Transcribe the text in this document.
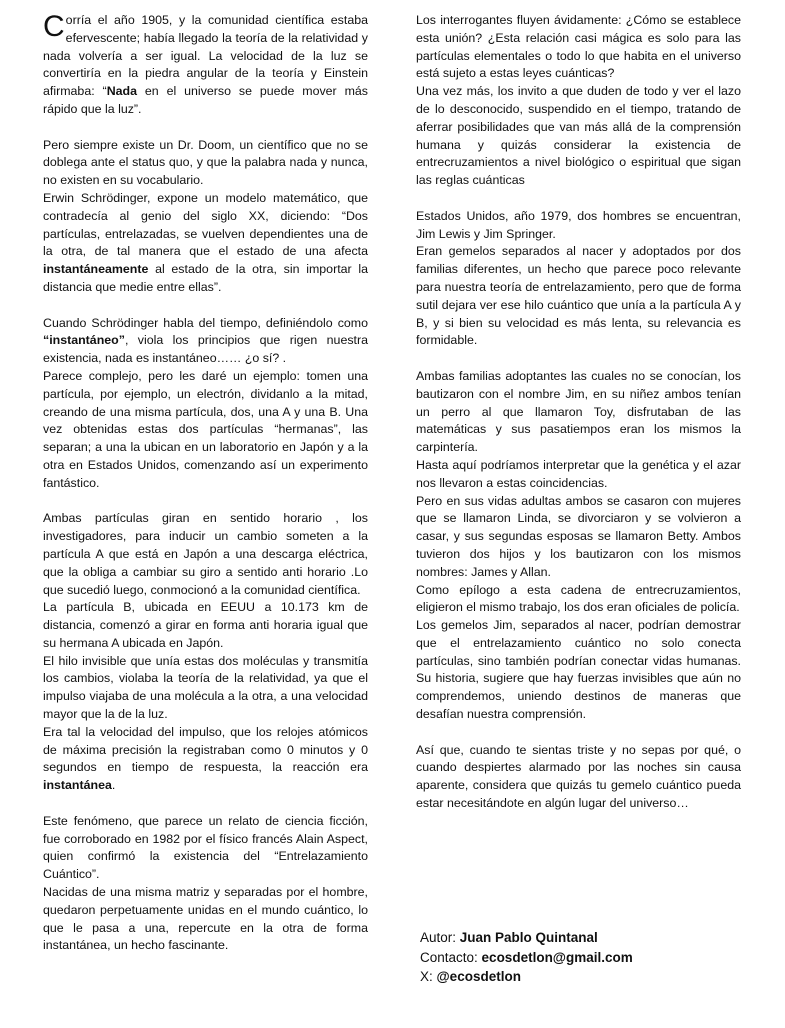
Corría el año 1905, y la comunidad científica estaba efervescente; había llegado la teoría de la relatividad y nada volvería a ser igual. La velocidad de la luz se convertiría en la piedra angular de la teoría y Einstein afirmaba: “Nada en el universo se puede mover más rápido que la luz”.

Pero siempre existe un Dr. Doom, un científico que no se doblega ante el status quo, y que la palabra nada y nunca, no existen en su vocabulario.

Erwin Schrödinger, expone un modelo matemático, que contradecía al genio del siglo XX, diciendo: “Dos partículas, entrelazadas, se vuelven dependientes una de la otra, de tal manera que el estado de una afecta instantáneamente al estado de la otra, sin importar la distancia que medie entre ellas”.

Cuando Schrödinger habla del tiempo, definiéndolo como “instantáneo”, viola los principios que rigen nuestra existencia, nada es instantáneo…… ¿o sí? .

Parece complejo, pero les daré un ejemplo: tomen una partícula, por ejemplo, un electrón, dividanlo a la mitad, creando de una misma partícula, dos, una A y una B. Una vez obtenidas estas dos partículas “hermanas”, las separan; a una la ubican en un laboratorio en Japón y a la otra en Estados Unidos, comenzando así un experimento fantástico.

Ambas partículas giran en sentido horario , los investigadores, para inducir un cambio someten a la partícula A que está en Japón a una descarga eléctrica, que la obliga a cambiar su giro a sentido anti horario .Lo que sucedió luego, conmocionó a la comunidad científica.

La partícula B, ubicada en EEUU a 10.173 km de distancia, comenzó a girar en forma anti horaria igual que su hermana A ubicada en Japón.

El hilo invisible que unía estas dos moléculas y transmitía los cambios, violaba la teoría de la relatividad, ya que el impulso viajaba de una molécula a la otra, a una velocidad mayor que la de la luz.

Era tal la velocidad del impulso, que los relojes atómicos de máxima precisión la registraban como 0 minutos y 0 segundos en tiempo de respuesta, la reacción era instantánea.

Este fenómeno, que parece un relato de ciencia ficción, fue corroborado en 1982 por el físico francés Alain Aspect, quien confirmó la existencia del “Entrelazamiento Cuántico”.

Nacidas de una misma matriz y separadas por el hombre, quedaron perpetuamente unidas en el mundo cuántico, lo que le pasa a una, repercute en la otra de forma instantánea, un hecho fascinante.

Los interrogantes fluyen ávidamente: ¿Cómo se establece esta unión? ¿Esta relación casi mágica es solo para las partículas elementales o todo lo que habita en el universo está sujeto a estas leyes cuánticas?

Una vez más, los invito a que duden de todo y ver el lazo de lo desconocido, suspendido en el tiempo, tratando de aferrar posibilidades que van más allá de la comprensión humana y quizás considerar la existencia de entrecruzamientos a nivel biológico o espiritual que sigan las reglas cuánticas

Estados Unidos, año 1979, dos hombres se encuentran, Jim Lewis y Jim Springer.

Eran gemelos separados al nacer y adoptados por dos familias diferentes, un hecho que parece poco relevante para nuestra teoría de entrelazamiento, pero que de forma sutil dejara ver ese hilo cuántico que unía a la partícula A y B, y si bien su velocidad es más lenta, su relevancia es formidable.

Ambas familias adoptantes las cuales no se conocían, los bautizaron con el nombre Jim, en su niñez ambos tenían un perro al que llamaron Toy, disfrutaban de las matemáticas y sus pasatiempos eran los mismos la carpintería.

Hasta aquí podríamos interpretar que la genética y el azar nos llevaron a estas coincidencias.

Pero en sus vidas adultas ambos se casaron con mujeres que se llamaron Linda, se divorciaron y se volvieron a casar, y sus segundas esposas se llamaron Betty. Ambos tuvieron dos hijos y los bautizaron con los mismos nombres: James y Allan.

Como epílogo a esta cadena de entrecruzamientos, eligieron el mismo trabajo, los dos eran oficiales de policía.

Los gemelos Jim, separados al nacer, podrían demostrar que el entrelazamiento cuántico no solo conecta partículas, sino también podrían conectar vidas humanas. Su historia, sugiere que hay fuerzas invisibles que aún no comprendemos, uniendo destinos de maneras que desafían nuestra comprensión.

Así que, cuando te sientas triste y no sepas por qué, o cuando despiertes alarmado por las noches sin causa aparente, considera que quizás tu gemelo cuántico pueda estar necesitándote en algún lugar del universo…

Autor: Juan Pablo Quintanal
Contacto: ecosdetlon@gmail.com
X: @ecosdetlon
